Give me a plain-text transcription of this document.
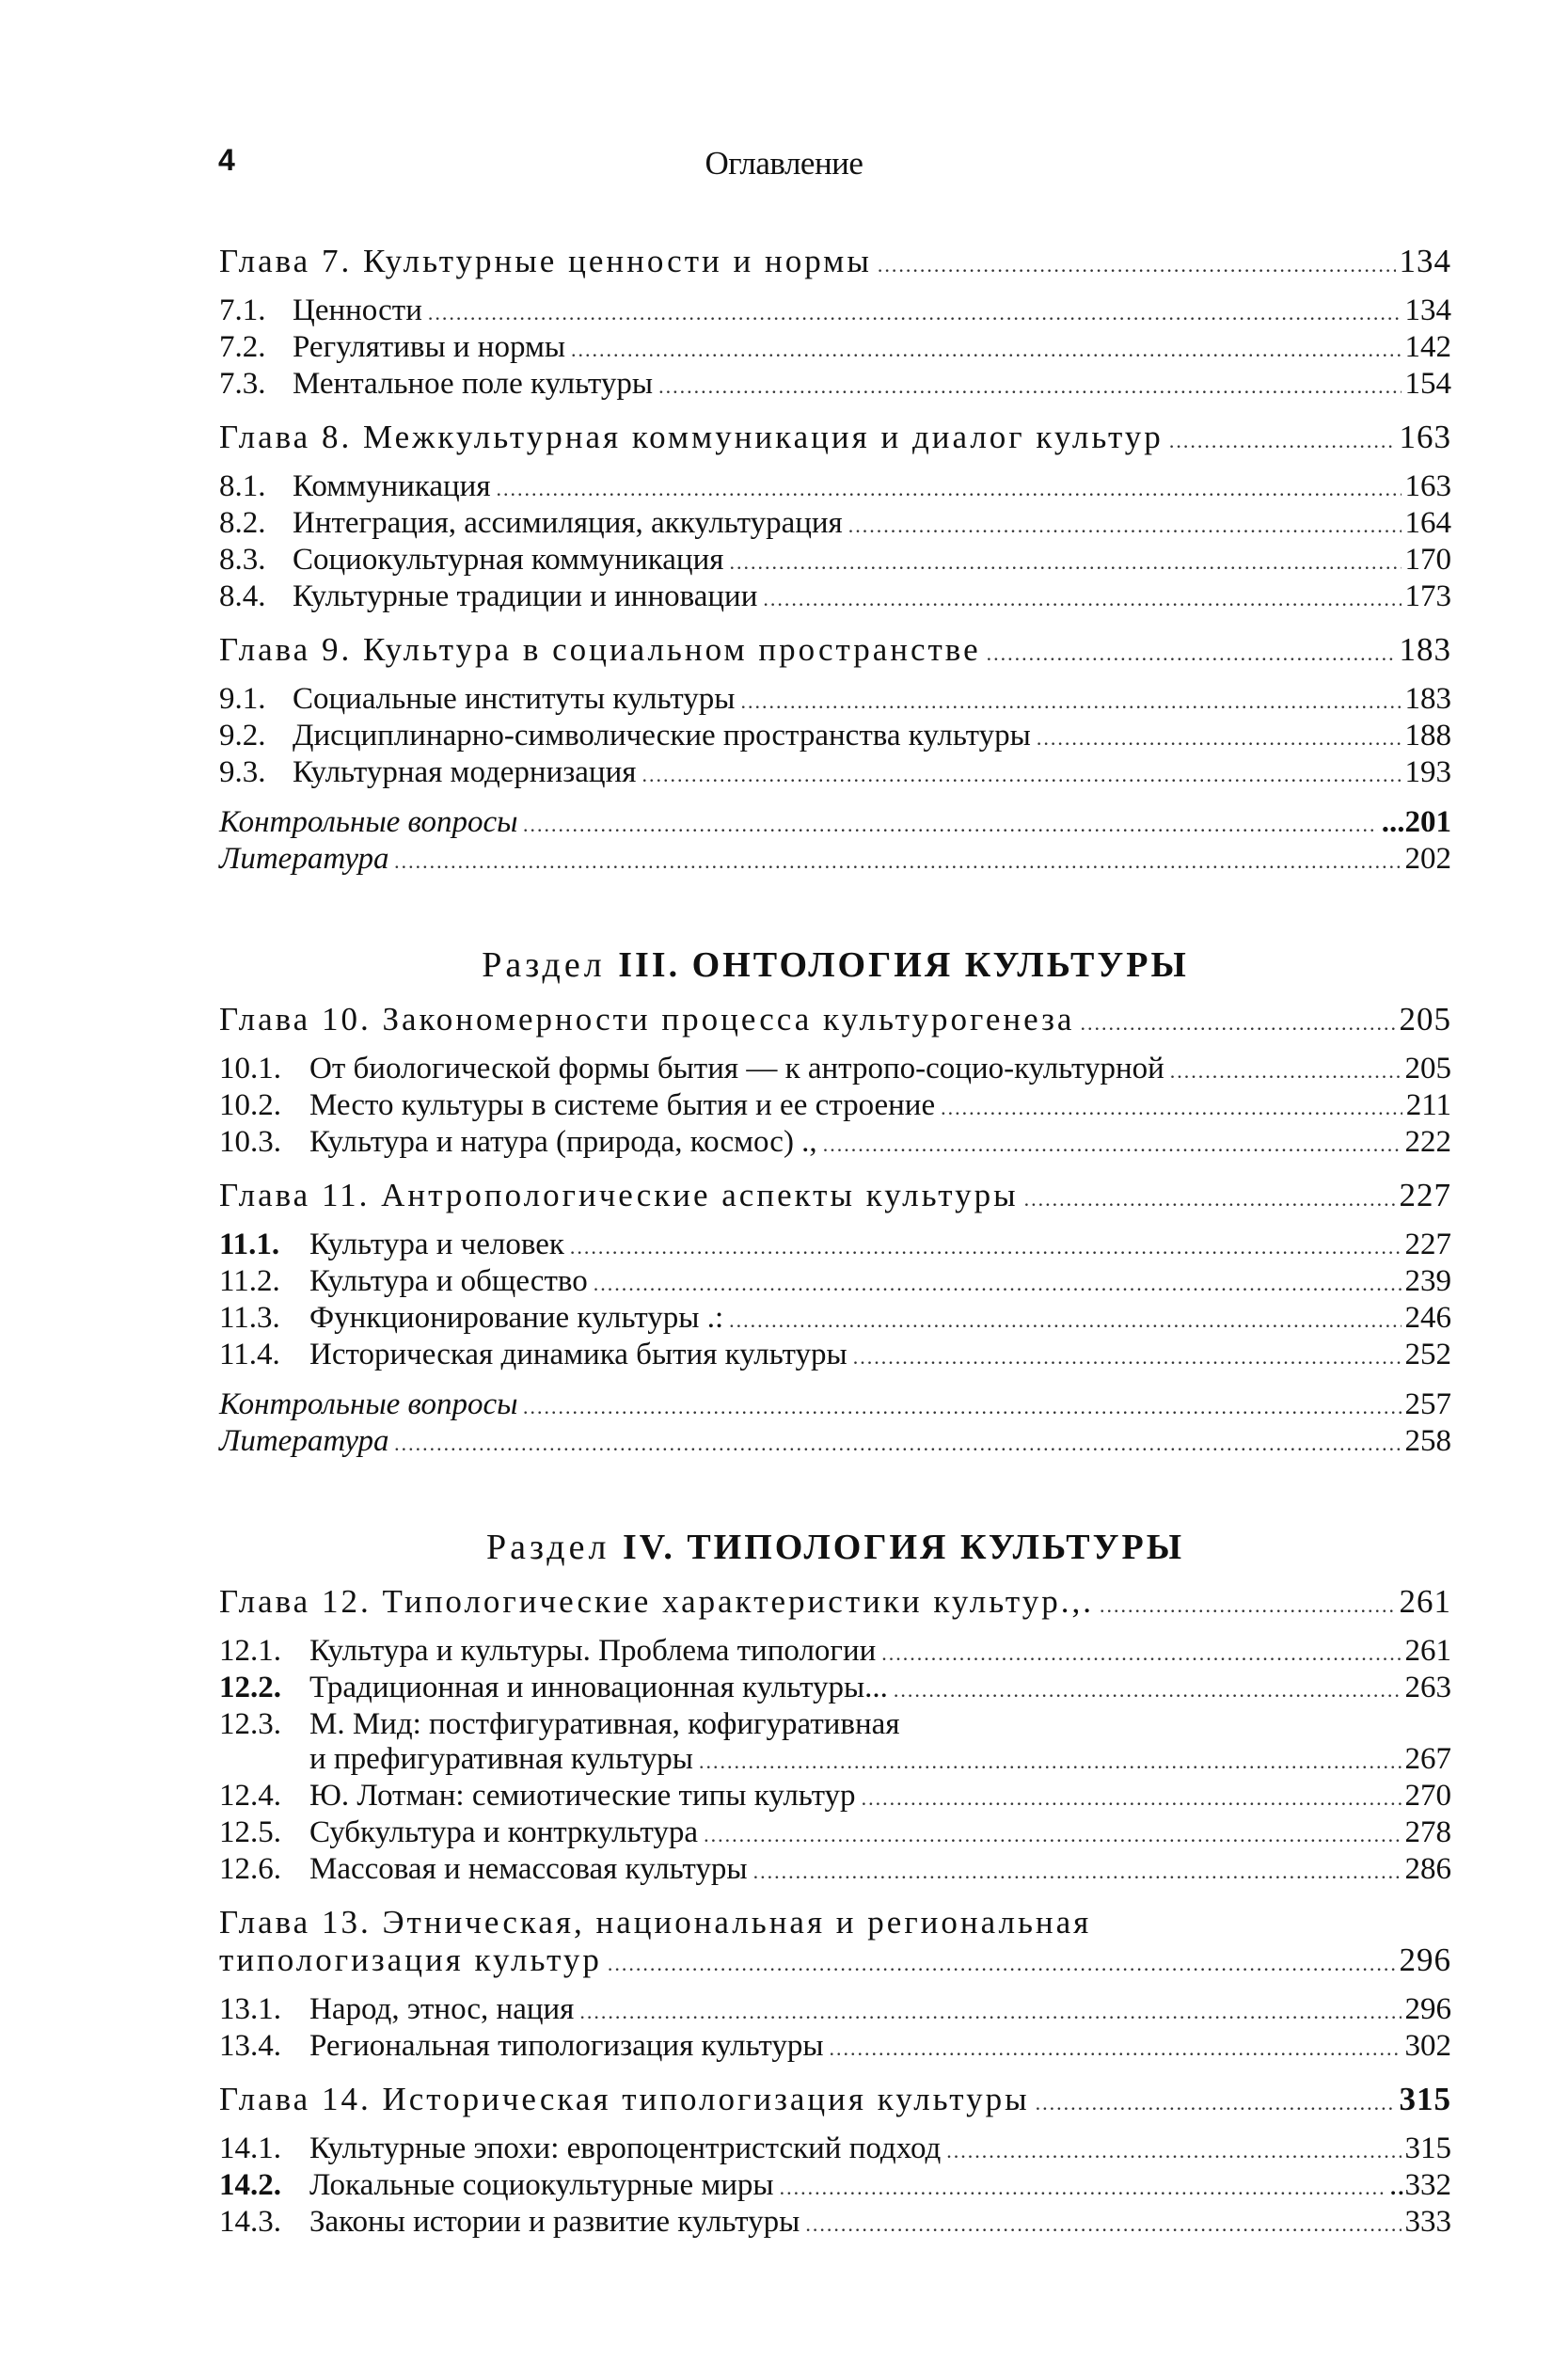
4	Оглавление
Глава 7. Культурные ценности и нормы .....	134
7.1. Ценности .....	134
7.2. Регулятивы и нормы .....	142
7.3. Ментальное поле культуры .....	154
Глава 8. Межкультурная коммуникация и диалог культур .....	163
8.1. Коммуникация .....	163
8.2. Интеграция, ассимиляция, аккультурация .....	164
8.3. Социокультурная коммуникация .....	170
8.4. Культурные традиции и инновации .....	173
Глава 9. Культура в социальном пространстве .....	183
9.1. Социальные институты культуры .....	183
9.2. Дисциплинарно-символические пространства культуры .....	188
9.3. Культурная модернизация .....	193
Контрольные вопросы .....	...201
Литература .....	202
Раздел III. ОНТОЛОГИЯ КУЛЬТУРЫ
Глава 10. Закономерности процесса культурогенеза .....	205
10.1. От биологической формы бытия — к антропо-социо-культурной .....	205
10.2. Место культуры в системе бытия и ее строение .....	211
10.3. Культура и натура (природа, космос) ., .....	222
Глава 11. Антропологические аспекты культуры .....	227
11.1. Культура и человек .....	227
11.2. Культура и общество .....	239
11.3. Функционирование культуры .: .....	246
11.4. Историческая динамика бытия культуры .....	252
Контрольные вопросы .....	257
Литература .....	258
Раздел IV. ТИПОЛОГИЯ КУЛЬТУРЫ
Глава 12. Типологические характеристики культур.,. .....	261
12.1. Культура и культуры. Проблема типологии .....	261
12.2. Традиционная и инновационная культуры... .....	263
12.3. М. Мид: постфигуративная, кофигуративная
и префигуративная культуры .....	267
12.4. Ю. Лотман: семиотические типы культур .....	270
12.5. Субкультура и контркультура .....	278
12.6. Массовая и немассовая культуры .....	286
Глава 13. Этническая, национальная и региональная
типологизация культур .....	296
13.1. Народ, этнос, нация .....	296
13.4. Региональная типологизация культуры .....	302
Глава 14. Историческая типологизация культуры .....	315
14.1. Культурные эпохи: европоцентристский подход .....	315
14.2. Локальные социокультурные миры .....	..332
14.3. Законы истории и развитие культуры .....	333
